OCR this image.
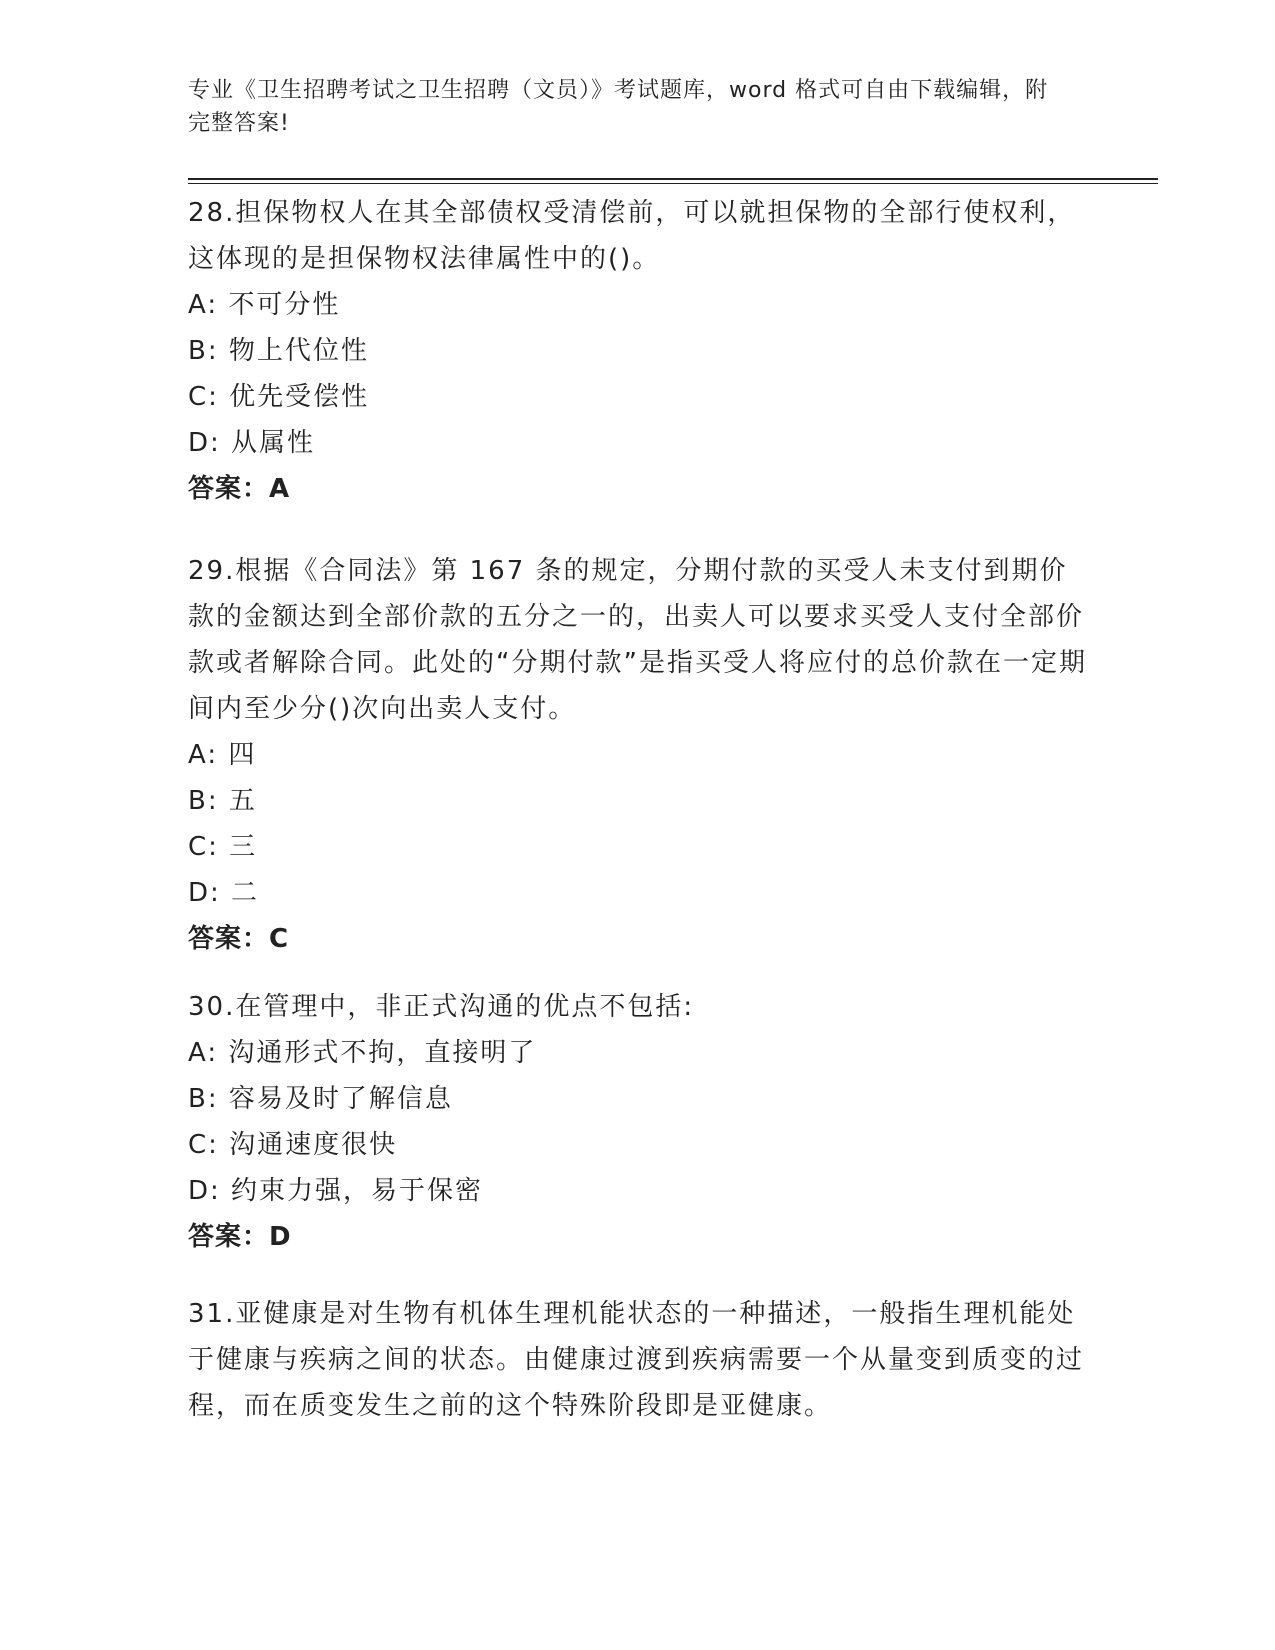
专业《卫生招聘考试之卫生招聘（文员）》考试题库，word 格式可自由下载编辑，附完整答案!
28.担保物权人在其全部债权受清偿前，可以就担保物的全部行使权利，这体现的是担保物权法律属性中的()。
A: 不可分性
B: 物上代位性
C: 优先受偿性
D: 从属性
答案：A
29.根据《合同法》第 167 条的规定，分期付款的买受人未支付到期价款的金额达到全部价款的五分之一的，出卖人可以要求买受人支付全部价款或者解除合同。此处的“分期付款”是指买受人将应付的总价款在一定期间内至少分()次向出卖人支付。
A: 四
B: 五
C: 三
D: 二
答案：C
30.在管理中，非正式沟通的优点不包括:
A: 沟通形式不拘，直接明了
B: 容易及时了解信息
C: 沟通速度很快
D: 约束力强，易于保密
答案：D
31.亚健康是对生物有机体生理机能状态的一种描述，一般指生理机能处于健康与疾病之间的状态。由健康过渡到疾病需要一个从量变到质变的过程，而在质变发生之前的这个特殊阶段即是亚健康。
